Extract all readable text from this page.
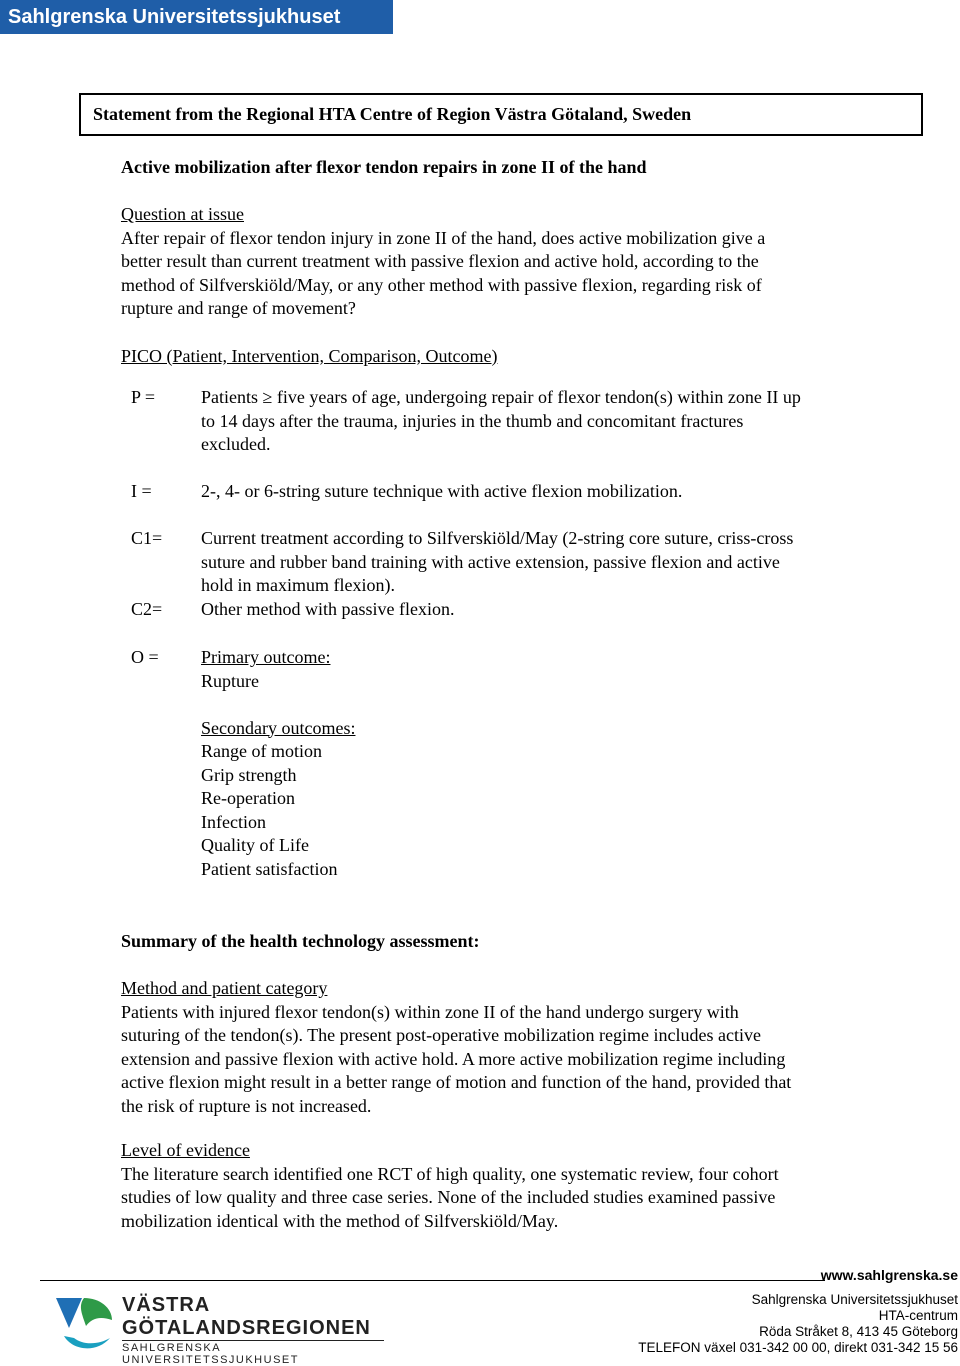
Sahlgrenska Universitetssjukhuset
Statement from the Regional HTA Centre of Region Västra Götaland, Sweden
Active mobilization after flexor tendon repairs in zone II of the hand
Question at issue
After repair of flexor tendon injury in zone II of the hand, does active mobilization give a
better result than current treatment with passive flexion and active hold, according to the
method of Silfverskiöld/May, or any other method with passive flexion, regarding risk of
rupture and range of movement?
PICO (Patient, Intervention, Comparison, Outcome)
P =	Patients ≥ five years of age, undergoing repair of flexor tendon(s) within zone II up
to 14 days after the trauma, injuries in the thumb and concomitant fractures
excluded.
I =	2-, 4- or 6-string suture technique with active flexion mobilization.
C1= Current treatment according to Silfverskiöld/May (2-string core suture, criss-cross
suture and rubber band training with active extension, passive flexion and active
hold in maximum flexion).
C2= Other method with passive flexion.
O = Primary outcome:
Rupture
Secondary outcomes:
Range of motion
Grip strength
Re-operation
Infection
Quality of Life
Patient satisfaction
Summary of the health technology assessment:
Method and patient category
Patients with injured flexor tendon(s) within zone II of the hand undergo surgery with
suturing of the tendon(s). The present post-operative mobilization regime includes active
extension and passive flexion with active hold. A more active mobilization regime including
active flexion might result in a better range of motion and function of the hand, provided that
the risk of rupture is not increased.
Level of evidence
The literature search identified one RCT of high quality, one systematic review, four cohort
studies of low quality and three case series. None of the included studies examined passive
mobilization identical with the method of Silfverskiöld/May.
www.sahlgrenska.se
VÄSTRA
GÖTALANDSREGIONEN
SAHLGRENSKA UNIVERSITETSSJUKHUSET
Sahlgrenska Universitetssjukhuset
HTA-centrum
Röda Stråket 8, 413 45 Göteborg
TELEFON växel 031-342 00 00, direkt 031-342 15 56
